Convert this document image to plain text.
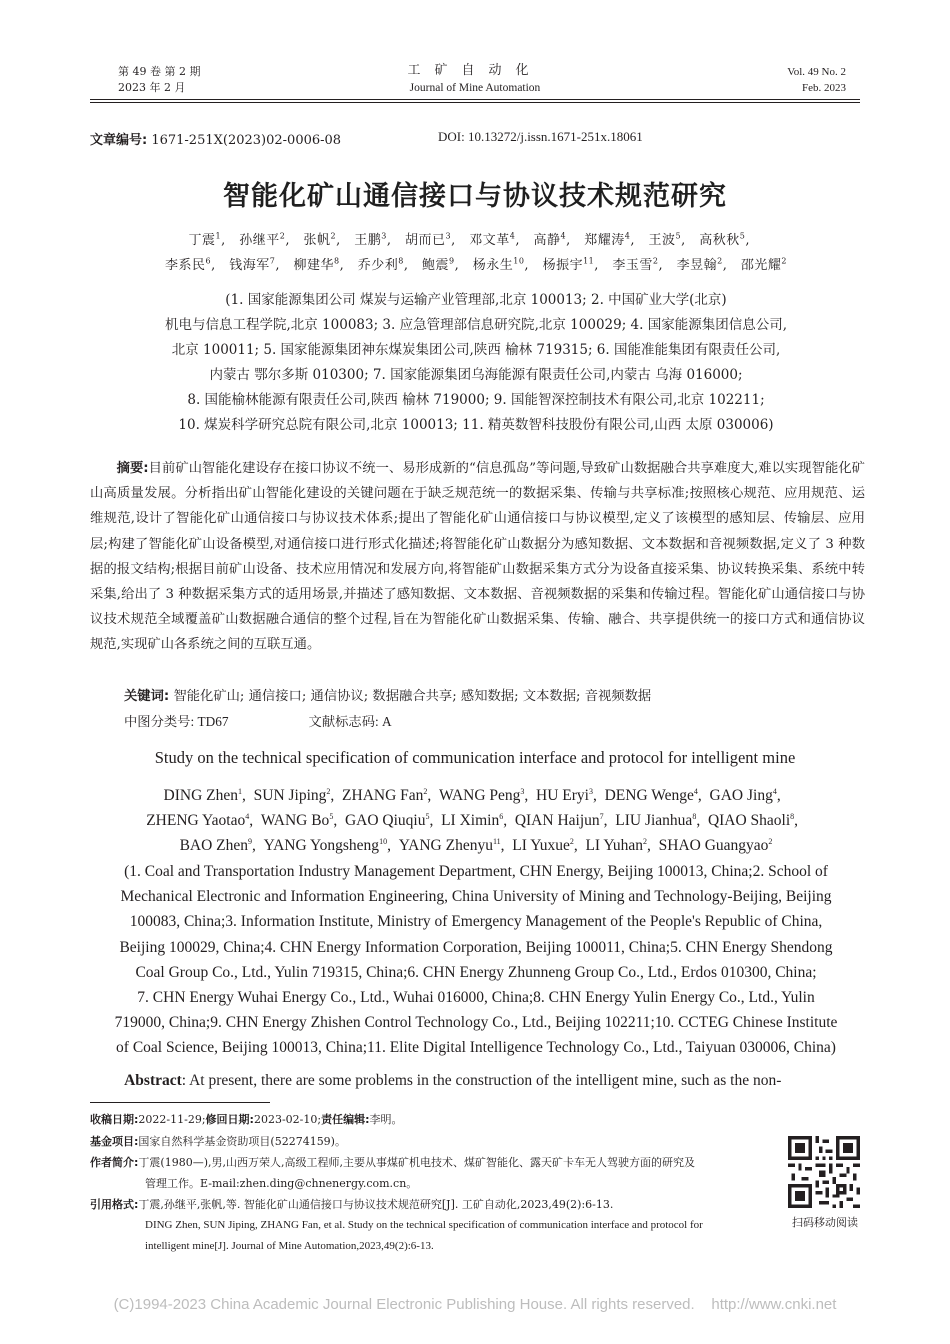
第 49 卷 第 2 期
2023 年 2 月
工矿自动化
Journal of Mine Automation
Vol. 49 No. 2
Feb. 2023
文章编号: 1671-251X(2023)02-0006-08	DOI: 10.13272/j.issn.1671-251x.18061
智能化矿山通信接口与协议技术规范研究
丁震$^1$, 孙继平$^2$, 张帆$^2$, 王鹏$^3$, 胡而已$^3$, 邓文革$^4$, 高静$^4$, 郑耀涛$^4$, 王波$^5$, 高秋秋$^5$, 
李系民$^6$, 钱海军$^7$, 柳建华$^8$, 乔少利$^8$, 鲍震$^9$, 杨永生$^{10}$, 杨振宇$^{11}$, 李玉雪$^2$, 李昱翰$^2$, 邵光耀$^2$
(1. 国家能源集团公司 煤炭与运输产业管理部,北京 100013; 2. 中国矿业大学(北京)
机电与信息工程学院,北京 100083; 3. 应急管理部信息研究院,北京 100029; 4. 国家能源集团信息公司,
北京 100011; 5. 国家能源集团神东煤炭集团公司,陕西 榆林 719315; 6. 国能准能集团有限责任公司,
内蒙古 鄂尔多斯 010300; 7. 国家能源集团乌海能源有限责任公司,内蒙古 乌海 016000;
8. 国能榆林能源有限责任公司,陕西 榆林 719000; 9. 国能智深控制技术有限公司,北京 102211;
10. 煤炭科学研究总院有限公司,北京 100013; 11. 精英数智科技股份有限公司,山西 太原 030006)
摘要:目前矿山智能化建设存在接口协议不统一、易形成新的“信息孤岛”等问题,导致矿山数据融合共享难度大,难以实现智能化矿山高质量发展。分析指出矿山智能化建设的关键问题在于缺乏规范统一的数据采集、传输与共享标准;按照核心规范、应用规范、运维规范,设计了智能化矿山通信接口与协议技术体系;提出了智能化矿山通信接口与协议模型,定义了该模型的感知层、传输层、应用层;构建了智能化矿山设备模型,对通信接口进行形式化描述;将智能化矿山数据分为感知数据、文本数据和音视频数据,定义了 3 种数据的报文结构;根据目前矿山设备、技术应用情况和发展方向,将智能矿山数据采集方式分为设备直接采集、协议转换采集、系统中转采集,给出了 3 种数据采集方式的适用场景,并描述了感知数据、文本数据、音视频数据的采集和传输过程。智能化矿山通信接口与协议技术规范全域覆盖矿山数据融合通信的整个过程,旨在为智能化矿山数据采集、传输、融合、共享提供统一的接口方式和通信协议规范,实现矿山各系统之间的互联互通。
关键词: 智能化矿山; 通信接口; 通信协议; 数据融合共享; 感知数据; 文本数据; 音视频数据
中图分类号: TD67	文献标志码: A
Study on the technical specification of communication interface and protocol for intelligent mine
DING Zhen$^1$, SUN Jiping$^2$, ZHANG Fan$^2$, WANG Peng$^3$, HU Eryi$^3$, DENG Wenge$^4$, GAO Jing$^4$, 
ZHENG Yaotao$^4$, WANG Bo$^5$, GAO Qiuqiu$^5$, LI Ximin$^6$, QIAN Haijun$^7$, LIU Jianhua$^8$, QIAO Shaoli$^8$, 
BAO Zhen$^9$, YANG Yongsheng$^{10}$, YANG Zhenyu$^{11}$, LI Yuxue$^2$, LI Yuhan$^2$, SHAO Guangyao$^2$
(1. Coal and Transportation Industry Management Department, CHN Energy, Beijing 100013, China;2. School of
Mechanical Electronic and Information Engineering, China University of Mining and Technology-Beijing, Beijing
100083, China;3. Information Institute, Ministry of Emergency Management of the People's Republic of China,
Beijing 100029, China;4. CHN Energy Information Corporation, Beijing 100011, China;5. CHN Energy Shendong
Coal Group Co., Ltd., Yulin 719315, China;6. CHN Energy Zhunneng Group Co., Ltd., Erdos 010300, China;
7. CHN Energy Wuhai Energy Co., Ltd., Wuhai 016000, China;8. CHN Energy Yulin Energy Co., Ltd., Yulin
719000, China;9. CHN Energy Zhishen Control Technology Co., Ltd., Beijing 102211;10. CCTEG Chinese Institute
of Coal Science, Beijing 100013, China;11. Elite Digital Intelligence Technology Co., Ltd., Taiyuan 030006, China)
Abstract: At present, there are some problems in the construction of the intelligent mine, such as the non-
收稿日期:2022-11-29;修回日期:2023-02-10;责任编辑:李明。
基金项目:国家自然科学基金资助项目(52274159)。
作者简介:丁震(1980—),男,山西万荣人,高级工程师,主要从事煤矿机电技术、煤矿智能化、露天矿卡车无人驾驶方面的研究及
管理工作。E-mail:zhen.ding@chnenergy.com.cn。
引用格式:丁震,孙继平,张帆,等. 智能化矿山通信接口与协议技术规范研究[J]. 工矿自动化,2023,49(2):6-13.
DING Zhen, SUN Jiping, ZHANG Fan, et al. Study on the technical specification of communication interface and protocol for
intelligent mine[J]. Journal of Mine Automation,2023,49(2):6-13.
扫码移动阅读
(C)1994-2023 China Academic Journal Electronic Publishing House. All rights reserved.    http://www.cnki.net
